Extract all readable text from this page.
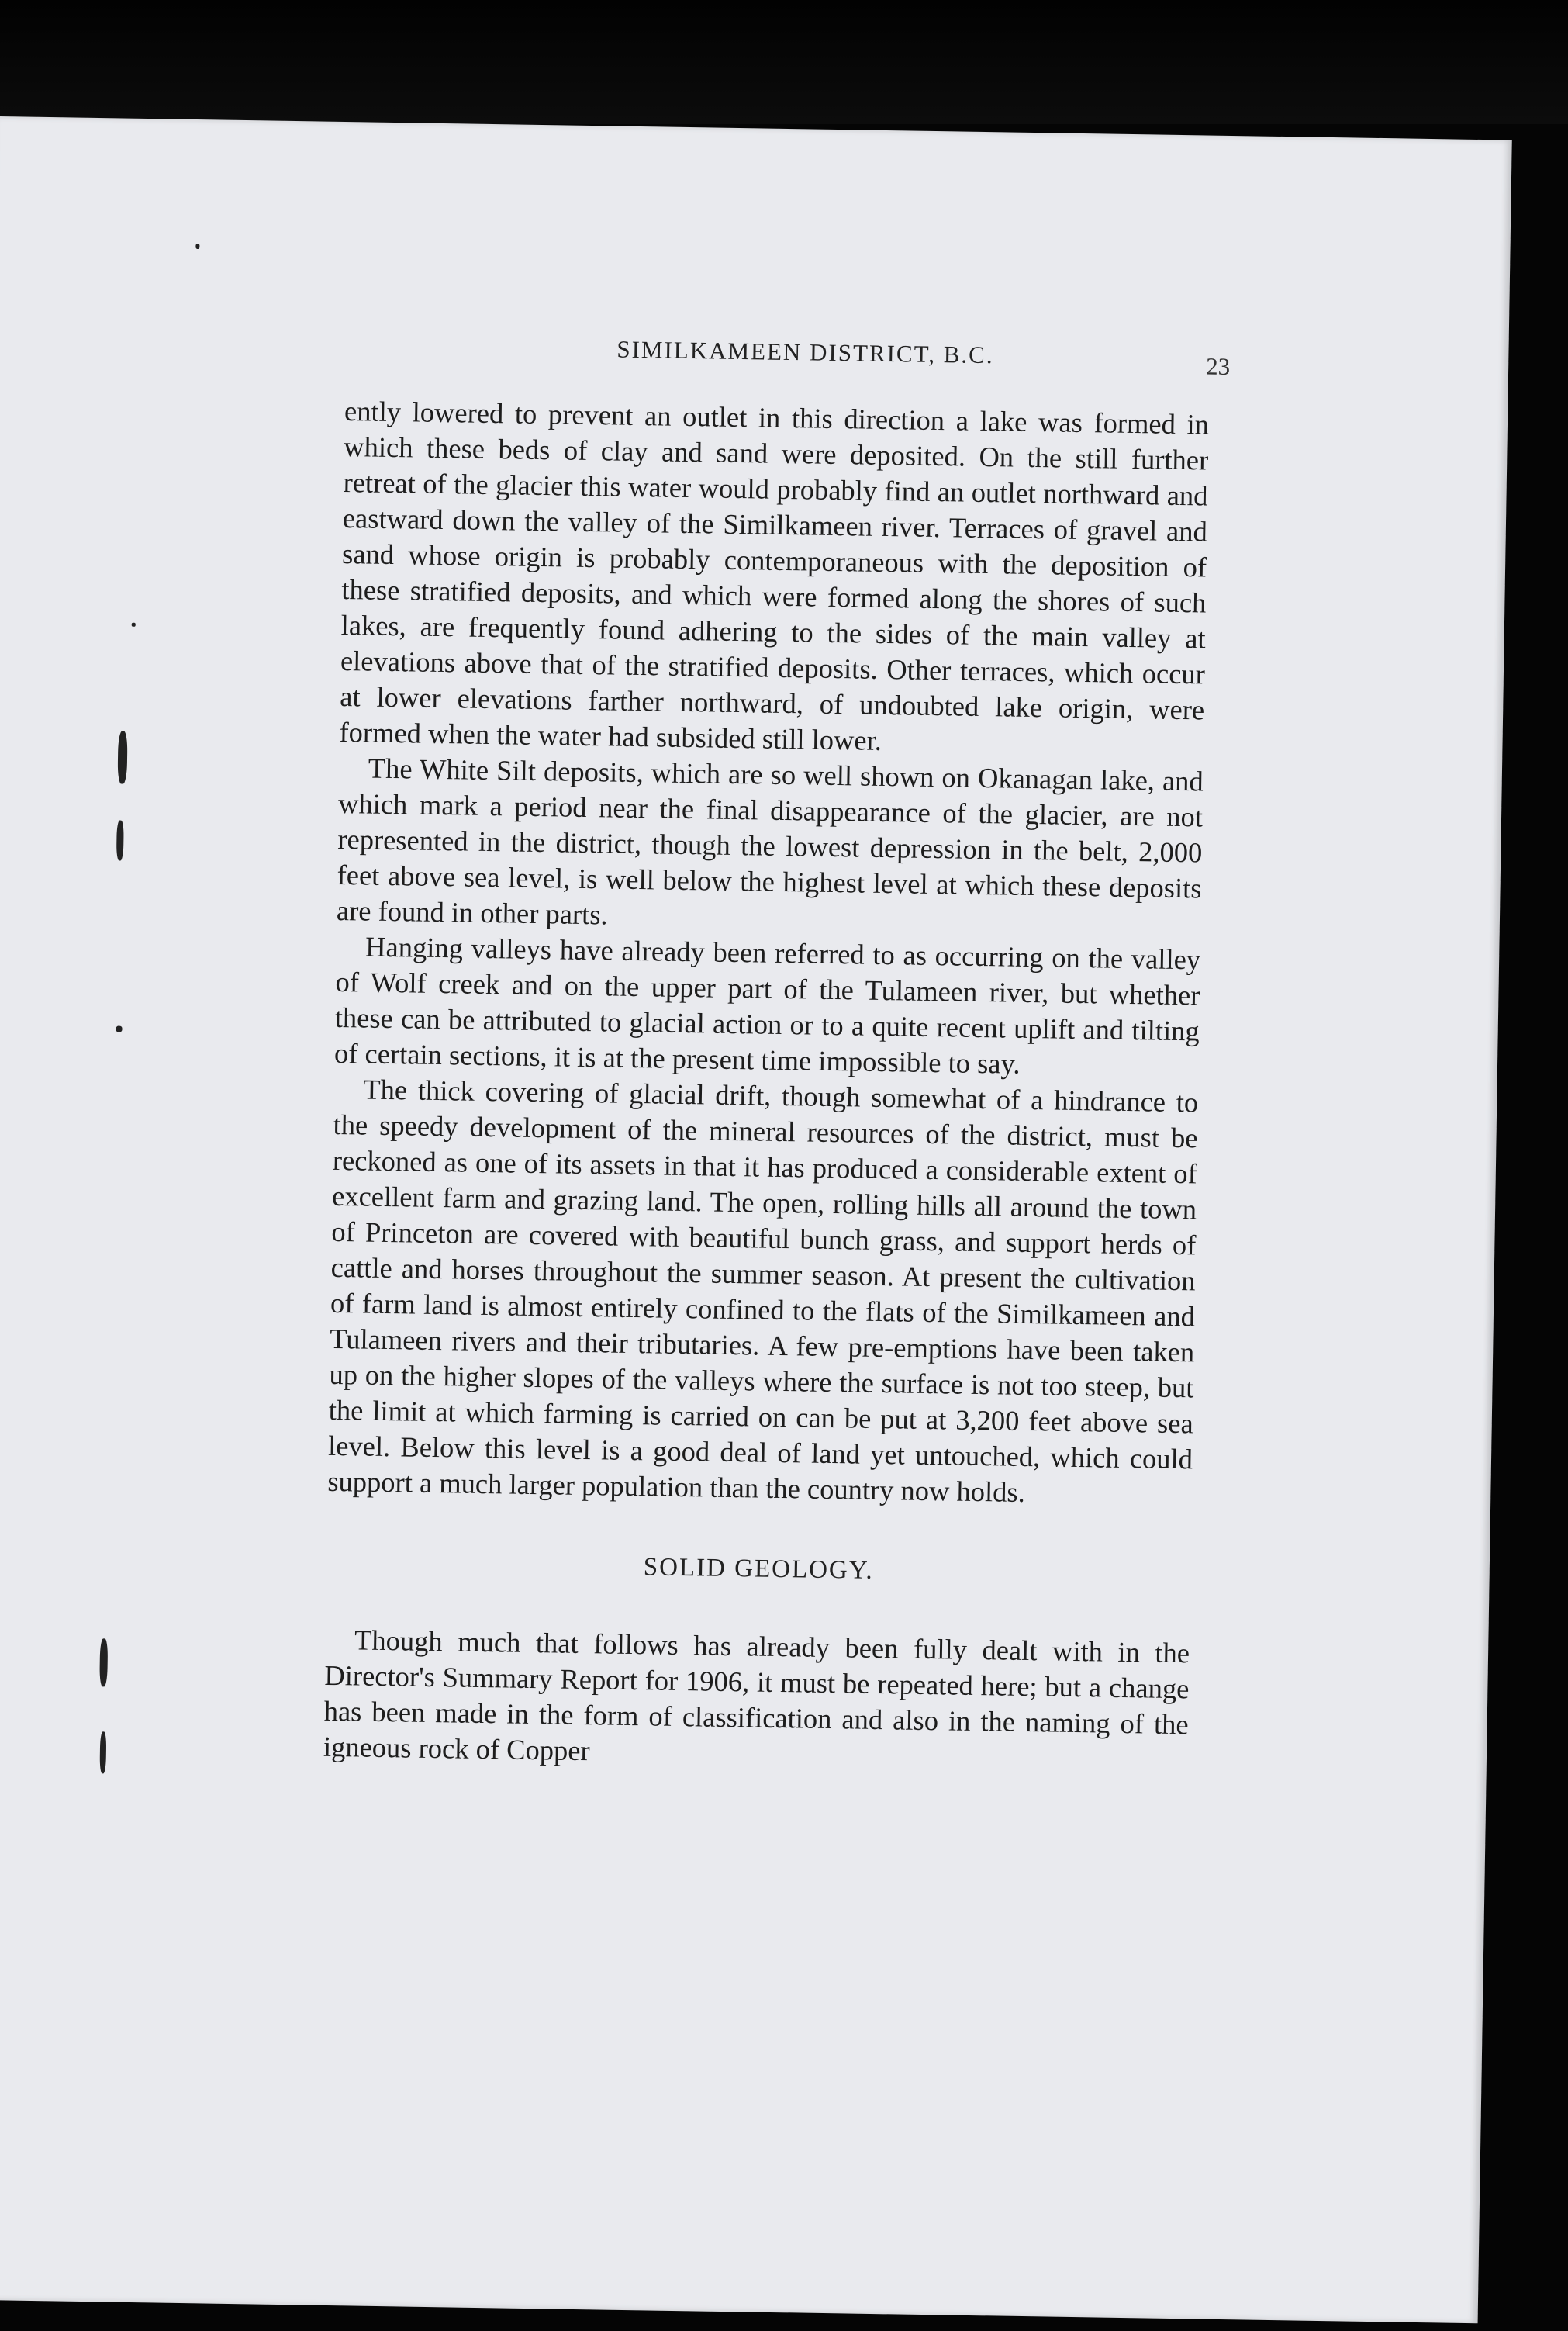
SIMILKAMEEN DISTRICT, B.C.	23

ently lowered to prevent an outlet in this direction a lake was formed in which these beds of clay and sand were deposited. On the still further retreat of the glacier this water would probably find an outlet northward and eastward down the valley of the Similkameen river. Terraces of gravel and sand whose origin is probably contemporaneous with the deposition of these stratified deposits, and which were formed along the shores of such lakes, are frequently found adhering to the sides of the main valley at elevations above that of the stratified deposits. Other terraces, which occur at lower elevations farther northward, of undoubted lake origin, were formed when the water had subsided still lower.

The White Silt deposits, which are so well shown on Okanagan lake, and which mark a period near the final disappearance of the glacier, are not represented in the district, though the lowest depression in the belt, 2,000 feet above sea level, is well below the highest level at which these deposits are found in other parts.

Hanging valleys have already been referred to as occurring on the valley of Wolf creek and on the upper part of the Tulameen river, but whether these can be attributed to glacial action or to a quite recent uplift and tilting of certain sections, it is at the present time impossible to say.

The thick covering of glacial drift, though somewhat of a hindrance to the speedy development of the mineral resources of the district, must be reckoned as one of its assets in that it has produced a considerable extent of excellent farm and grazing land. The open, rolling hills all around the town of Princeton are covered with beautiful bunch grass, and support herds of cattle and horses throughout the summer season. At present the cultivation of farm land is almost entirely confined to the flats of the Similkameen and Tulameen rivers and their tributaries. A few pre-emptions have been taken up on the higher slopes of the valleys where the surface is not too steep, but the limit at which farming is carried on can be put at 3,200 feet above sea level. Below this level is a good deal of land yet untouched, which could support a much larger population than the country now holds.

SOLID GEOLOGY.

Though much that follows has already been fully dealt with in the Director's Summary Report for 1906, it must be repeated here; but a change has been made in the form of classification and also in the naming of the igneous rock of Copper
